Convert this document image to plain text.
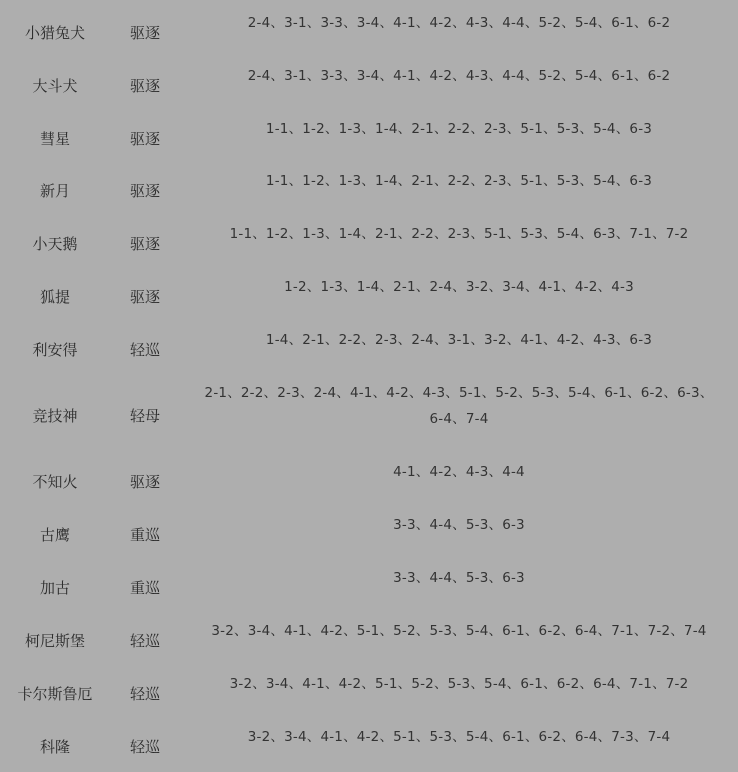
小猎兔犬	驱逐
2-4、3-1、3-3、3-4、4-1、4-2、4-3、4-4、5-2、5-4、6-1、6-2
大斗犬	驱逐
2-4、3-1、3-3、3-4、4-1、4-2、4-3、4-4、5-2、5-4、6-1、6-2
彗星	驱逐
1-1、1-2、1-3、1-4、2-1、2-2、2-3、5-1、5-3、5-4、6-3
新月	驱逐
1-1、1-2、1-3、1-4、2-1、2-2、2-3、5-1、5-3、5-4、6-3
小天鹅	驱逐
1-1、1-2、1-3、1-4、2-1、2-2、2-3、5-1、5-3、5-4、6-3、7-1、7-2
狐提	驱逐
1-2、1-3、1-4、2-1、2-4、3-2、3-4、4-1、4-2、4-3
利安得	轻巡
1-4、2-1、2-2、2-3、2-4、3-1、3-2、4-1、4-2、4-3、6-3
竞技神	轻母
2-1、2-2、2-3、2-4、4-1、4-2、4-3、5-1、5-2、5-3、5-4、6-1、6-2、6-3、6-4、7-4
不知火	驱逐
4-1、4-2、4-3、4-4
古鹰	重巡
3-3、4-4、5-3、6-3
加古	重巡
3-3、4-4、5-3、6-3
柯尼斯堡	轻巡
3-2、3-4、4-1、4-2、5-1、5-2、5-3、5-4、6-1、6-2、6-4、7-1、7-2、7-4
卡尔斯鲁厄	轻巡
3-2、3-4、4-1、4-2、5-1、5-2、5-3、5-4、6-1、6-2、6-4、7-1、7-2
科隆	轻巡
3-2、3-4、4-1、4-2、5-1、5-3、5-4、6-1、6-2、6-4、7-3、7-4
